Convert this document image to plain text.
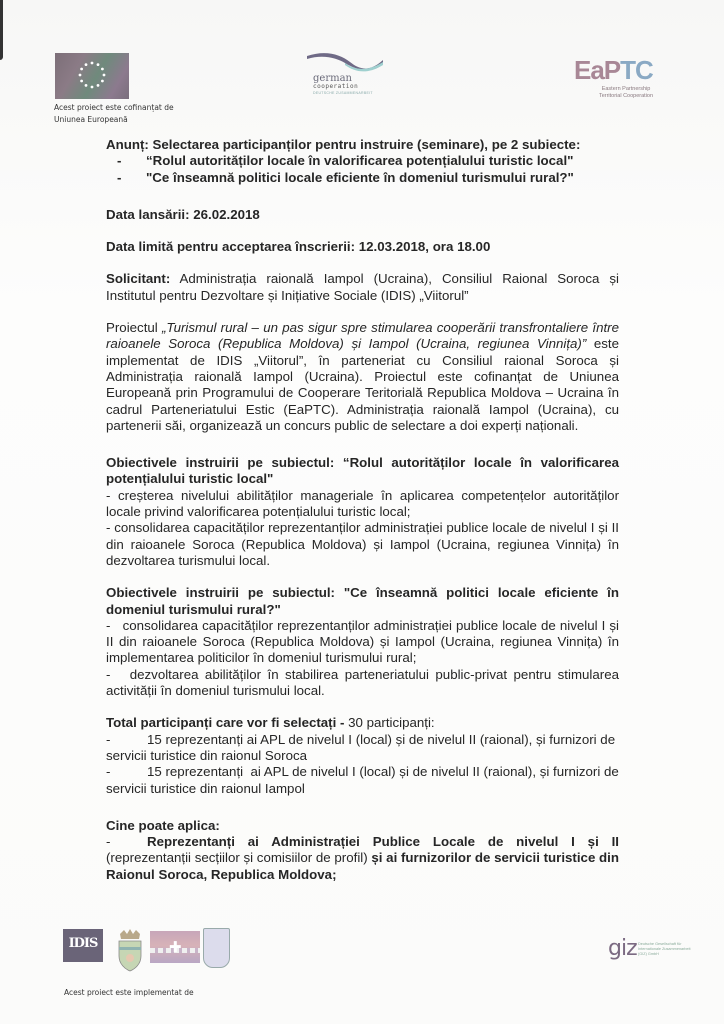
Acest proiect este cofinanțat de
Uniunea Europeană
german
cooperation
DEUTSCHE ZUSAMMENARBEIT
EaPTC
Eastern Partnership
Territorial Cooperation

Anunț: Selectarea participanților pentru instruire (seminare), pe 2 subiecte:

-	“Rolul autorităților locale în valorificarea potențialului turistic local"
-	"Ce înseamnă politici locale eficiente în domeniul turismului rural?"

Data lansării: 26.02.2018

Data limită pentru acceptarea înscrierii: 12.03.2018, ora 18.00

Solicitant: Administrația raională Iampol (Ucraina), Consiliul Raional Soroca și Institutul pentru Dezvoltare și Inițiative Sociale (IDIS) „Viitorul”

Proiectul „Turismul rural – un pas sigur spre stimularea cooperării transfrontaliere între raioanele Soroca (Republica Moldova) și Iampol (Ucraina, regiunea Vinnița)” este implementat de IDIS „Viitorul”, în parteneriat cu Consiliul raional Soroca și Administrația raională Iampol (Ucraina). Proiectul este cofinanțat de Uniunea Europeană prin Programului de Cooperare Teritorială Republica Moldova – Ucraina în cadrul Parteneriatului Estic (EaPTC). Administrația raională Iampol (Ucraina), cu partenerii săi, organizează un concurs public de selectare a doi experți naționali.

Obiectivele instruirii pe subiectul: “Rolul autorităților locale în valorificarea potențialului turistic local"

- creșterea nivelului abilităților manageriale în aplicarea competențelor autorităților locale privind valorificarea potențialului turistic local;

- consolidarea capacităților reprezentanților administrației publice locale de nivelul I și II din raioanele Soroca (Republica Moldova) și Iampol (Ucraina, regiunea Vinnița) în dezvoltarea turismului local.

Obiectivele instruirii pe subiectul: "Ce înseamnă politici locale eficiente în domeniul turismului rural?"

-   consolidarea capacităților reprezentanților administrației publice locale de nivelul I și II din raioanele Soroca (Republica Moldova) și Iampol (Ucraina, regiunea Vinnița) în implementarea politicilor în domeniul turismului rural;

-   dezvoltarea abilităților în stabilirea parteneriatului public-privat pentru stimularea activității în domeniul turismului local.

Total participanți care vor fi selectați - 30 participanți:

-	15 reprezentanți ai APL de nivelul I (local) și de nivelul II (raional), și furnizori de servicii turistice din raionul Soroca

-	15 reprezentanți  ai APL de nivelul I (local) și de nivelul II (raional), și furnizori de servicii turistice din raionul Iampol

Cine poate aplica:

-	Reprezentanți ai Administrației Publice Locale de nivelul I și II (reprezentanții secțiilor și comisiilor de profil) și ai furnizorilor de servicii turistice din Raionul Soroca, Republica Moldova;

IDIS	✚
Acest proiect este implementat de
giz Deutsche Gesellschaft für Internationale Zusammenarbeit (GIZ) GmbH
